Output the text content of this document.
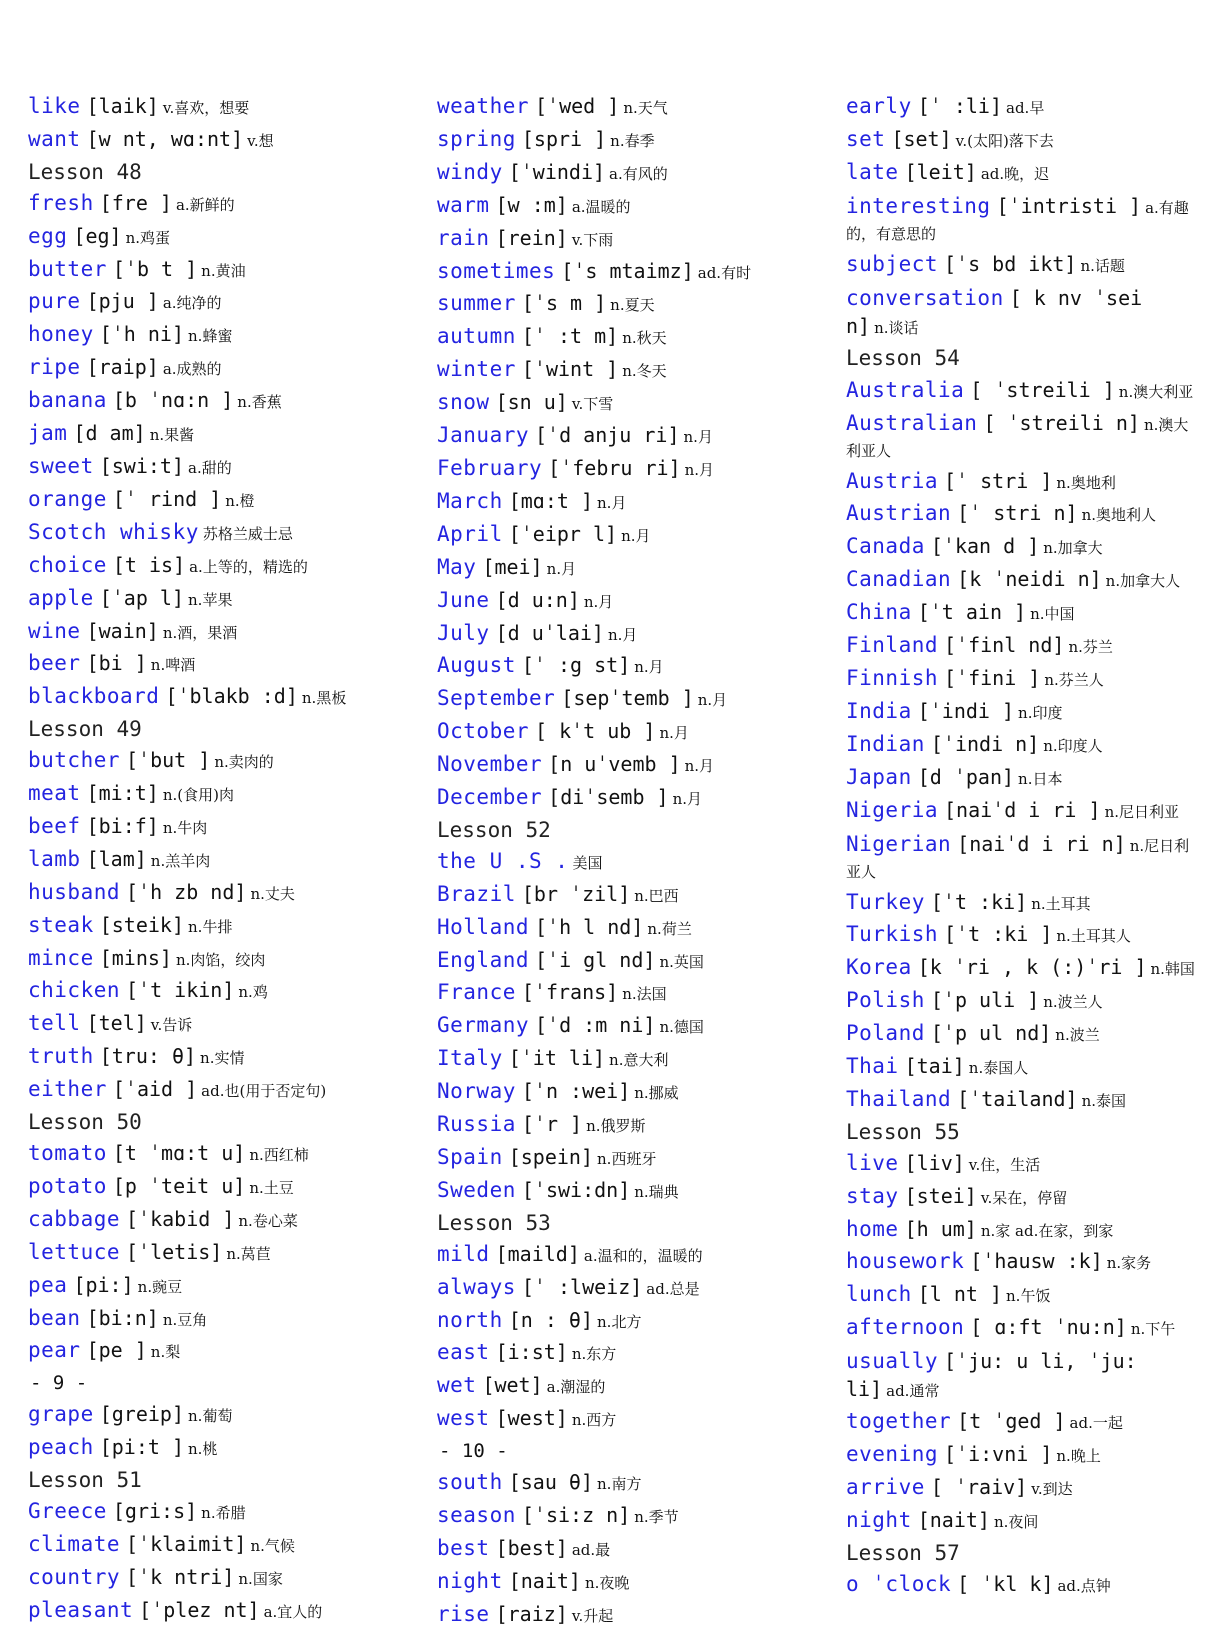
like [laik] v.喜欢，想要
want [w nt, wɑ:nt] v.想
Lesson 48
fresh [fre ] a.新鲜的
egg [eg] n.鸡蛋
butter [ˈb t ] n.黄油
pure [pju ] a.纯净的
honey [ˈh ni] n.蜂蜜
ripe [raip] a.成熟的
banana [b ˈnɑ:n ] n.香蕉
jam [d am] n.果酱
sweet [swi:t] a.甜的
orange [ˈ rind ] n.橙
Scotch whisky 苏格兰威士忌
choice [t is] a.上等的，精选的
apple [ˈap l] n.苹果
wine [wain] n.酒，果酒
beer [bi ] n.啤酒
blackboard [ˈblakb :d] n.黑板
Lesson 49
butcher [ˈbut ] n.卖肉的
meat [mi:t] n.(食用)肉
beef [bi:f] n.牛肉
lamb [lam] n.羔羊肉
husband [ˈh zb nd] n.丈夫
steak [steik] n.牛排
mince [mins] n.肉馅，绞肉
chicken [ˈt ikin] n.鸡
tell [tel] v.告诉
truth [tru: θ] n.实情
either [ˈaid ] ad.也(用于否定句)
Lesson 50
tomato [t ˈmɑ:t u] n.西红柿
potato [p ˈteit u] n.土豆
cabbage [ˈkabid ] n.卷心菜
lettuce [ˈletis] n.莴苣
pea [pi:] n.豌豆
bean [bi:n] n.豆角
pear [pe ] n.梨
- 9 -
grape [greip] n.葡萄
peach [pi:t ] n.桃
Lesson 51
Greece [gri:s] n.希腊
climate [ˈklaimit] n.气候
country [ˈk ntri] n.国家
pleasant [ˈplez nt] a.宜人的
weather [ˈwed ] n.天气
spring [spri ] n.春季
windy [ˈwindi] a.有风的
warm [w :m] a.温暖的
rain [rein] v.下雨
sometimes [ˈs mtaimz] ad.有时
summer [ˈs m ] n.夏天
autumn [ˈ :t m] n.秋天
winter [ˈwint ] n.冬天
snow [sn u] v.下雪
January [ˈd anju ri] n.月
February [ˈfebru ri] n.月
March [mɑ:t ] n.月
April [ˈeipr l] n.月
May [mei] n.月
June [d u:n] n.月
July [d uˈlai] n.月
August [ˈ :g st] n.月
September [sepˈtemb ] n.月
October [ kˈt ub ] n.月
November [n uˈvemb ] n.月
December [diˈsemb ] n.月
Lesson 52
the U .S . 美国
Brazil [br ˈzil] n.巴西
Holland [ˈh l nd] n.荷兰
England [ˈi gl nd] n.英国
France [ˈfrans] n.法国
Germany [ˈd :m ni] n.德国
Italy [ˈit li] n.意大利
Norway [ˈn :wei] n.挪威
Russia [ˈr ] n.俄罗斯
Spain [spein] n.西班牙
Sweden [ˈswi:dn] n.瑞典
Lesson 53
mild [maild] a.温和的，温暖的
always [ˈ :lweiz] ad.总是
north [n : θ] n.北方
east [i:st] n.东方
wet [wet] a.潮湿的
west [west] n.西方
- 10 -
south [sau θ] n.南方
season [ˈsi:z n] n.季节
best [best] ad.最
night [nait] n.夜晚
rise [raiz] v.升起
early [ˈ :li] ad.早
set [set] v.(太阳)落下去
late [leit] ad.晚，迟
interesting [ˈintristi ] a.有趣的，有意思的
subject [ˈs bd ikt] n.话题
conversation [ k nv ˈsei n] n.谈话
Lesson 54
Australia [ ˈstreili ] n.澳大利亚
Australian [ ˈstreili n] n.澳大利亚人
Austria [ˈ stri ] n.奥地利
Austrian [ˈ stri n] n.奥地利人
Canada [ˈkan d ] n.加拿大
Canadian [k ˈneidi n] n.加拿大人
China [ˈt ain ] n.中国
Finland [ˈfinl nd] n.芬兰
Finnish [ˈfini ] n.芬兰人
India [ˈindi ] n.印度
Indian [ˈindi n] n.印度人
Japan [d ˈpan] n.日本
Nigeria [naiˈd i ri ] n.尼日利亚
Nigerian [naiˈd i ri n] n.尼日利亚人
Turkey [ˈt :ki] n.土耳其
Turkish [ˈt :ki ] n.土耳其人
Korea [k ˈri , k (:)ˈri ] n.韩国
Polish [ˈp uli ] n.波兰人
Poland [ˈp ul nd] n.波兰
Thai [tai] n.泰国人
Thailand [ˈtailand] n.泰国
Lesson 55
live [liv] v.住，生活
stay [stei] v.呆在，停留
home [h um] n.家 ad.在家，到家
housework [ˈhausw :k] n.家务
lunch [l nt ] n.午饭
afternoon [ ɑ:ft ˈnu:n] n.下午
usually [ˈju: u li, ˈju: li] ad.通常
together [t ˈged ] ad.一起
evening [ˈi:vni ] n.晚上
arrive [ ˈraiv] v.到达
night [nait] n.夜间
Lesson 57
o ˈclock [ ˈkl k] ad.点钟
